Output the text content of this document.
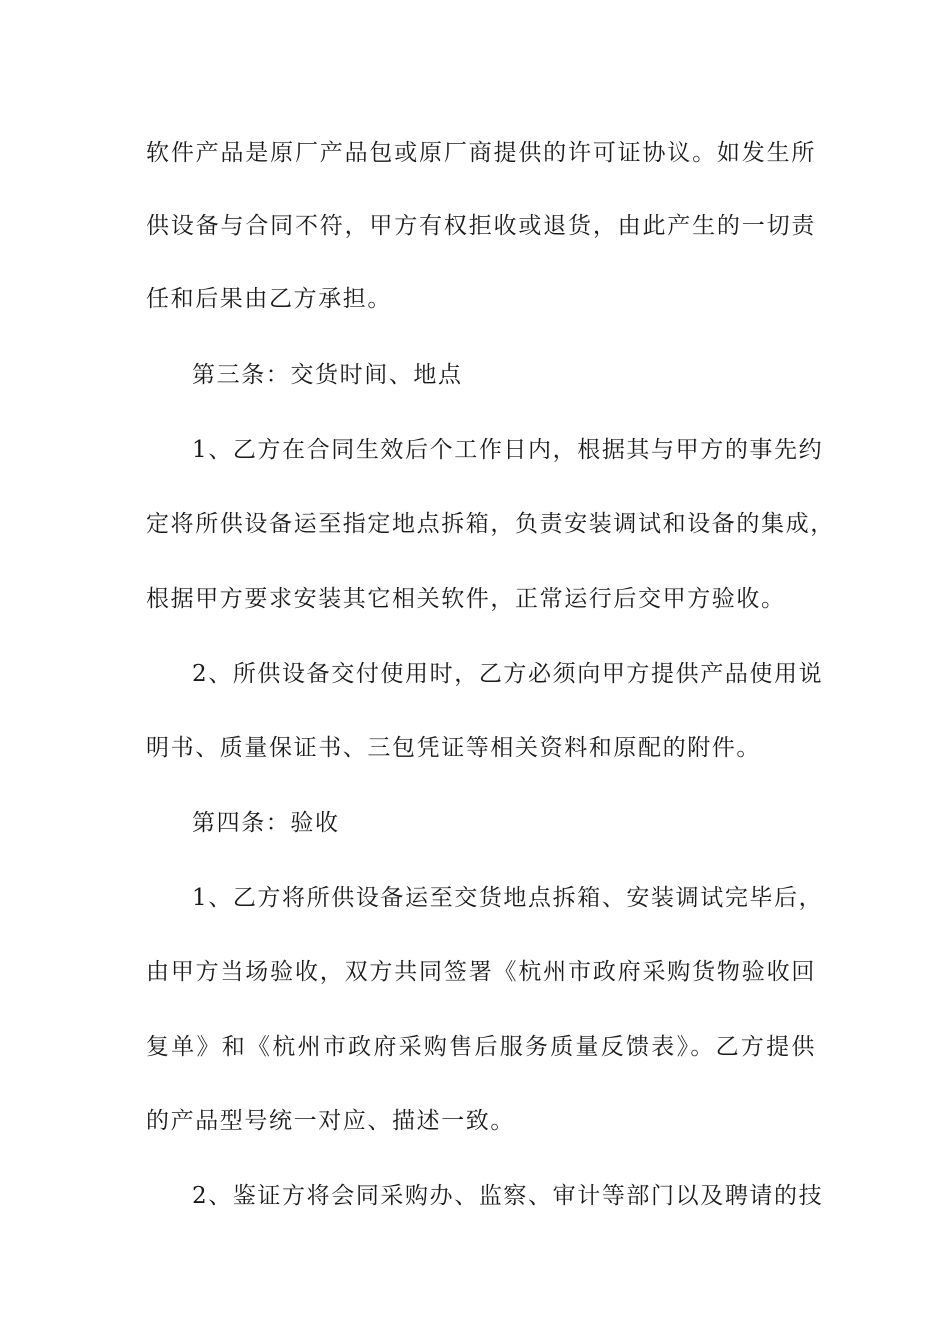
软件产品是原厂产品包或原厂商提供的许可证协议。如发生所

供设备与合同不符，甲方有权拒收或退货，由此产生的一切责

任和后果由乙方承担。

第三条：交货时间、地点

1、乙方在合同生效后个工作日内，根据其与甲方的事先约

定将所供设备运至指定地点拆箱，负责安装调试和设备的集成，

根据甲方要求安装其它相关软件，正常运行后交甲方验收。

2、所供设备交付使用时，乙方必须向甲方提供产品使用说

明书、质量保证书、三包凭证等相关资料和原配的附件。

第四条：验收

1、乙方将所供设备运至交货地点拆箱、安装调试完毕后，

由甲方当场验收，双方共同签署《杭州市政府采购货物验收回

复单》和《杭州市政府采购售后服务质量反馈表》。乙方提供

的产品型号统一对应、描述一致。

2、鉴证方将会同采购办、监察、审计等部门以及聘请的技
